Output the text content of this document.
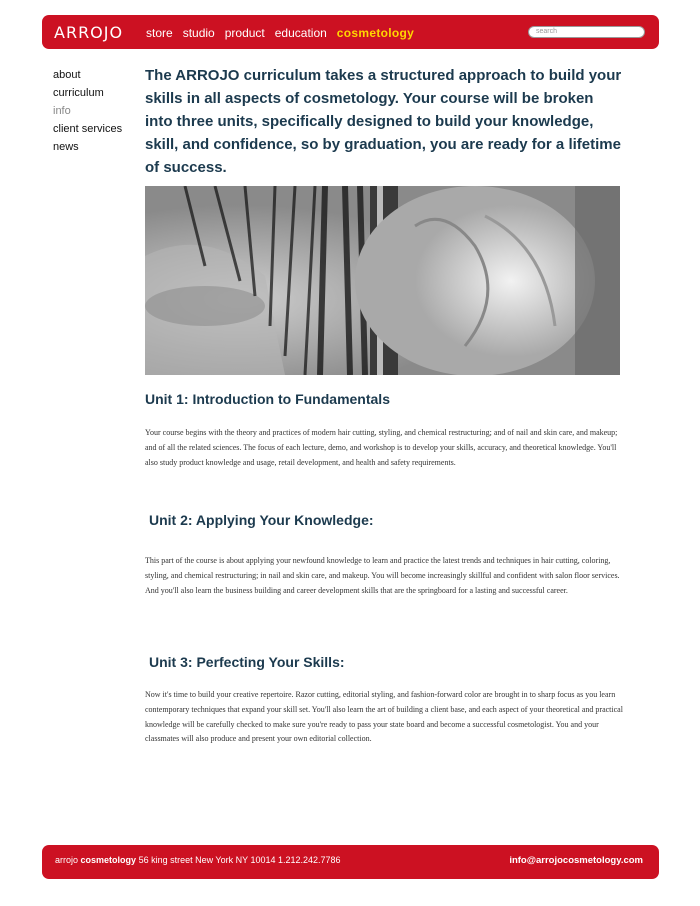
ARROJO store studio product education cosmetology	search
about
curriculum
info
client services
news
The ARROJO curriculum takes a structured approach to build your skills in all aspects of cosmetology. Your course will be broken into three units, specifically designed to build your knowledge, skill, and confidence, so by graduation, you are ready for a lifetime of success.
Unit 1: Introduction to Fundamentals
Your course begins with the theory and practices of modern hair cutting, styling, and chemical restructuring; and of nail and skin care, and makeup; and of all the related sciences. The focus of each lecture, demo, and workshop is to develop your skills, accuracy, and theoretical knowledge. You'll also study product knowledge and usage, retail development, and health and safety requirements.
Unit 2: Applying Your Knowledge:
This part of the course is about applying your newfound knowledge to learn and practice the latest trends and techniques in hair cutting, coloring, styling, and chemical restructuring; in nail and skin care, and makeup. You will become increasingly skillful and confident with salon floor services. And you'll also learn the business building and career development skills that are the springboard for a lasting and successful career.
Unit 3: Perfecting Your Skills:
Now it's time to build your creative repertoire. Razor cutting, editorial styling, and fashion-forward color are brought in to sharp focus as you learn contemporary techniques that expand your skill set. You'll also learn the art of building a client base, and each aspect of your theoretical and practical knowledge will be carefully checked to make sure you're ready to pass your state board and become a successful cosmetologist. You and your classmates will also produce and present your own editorial collection.
arrojo cosmetology 56 king street New York NY 10014 1.212.242.7786	info@arrojocosmetology.com
